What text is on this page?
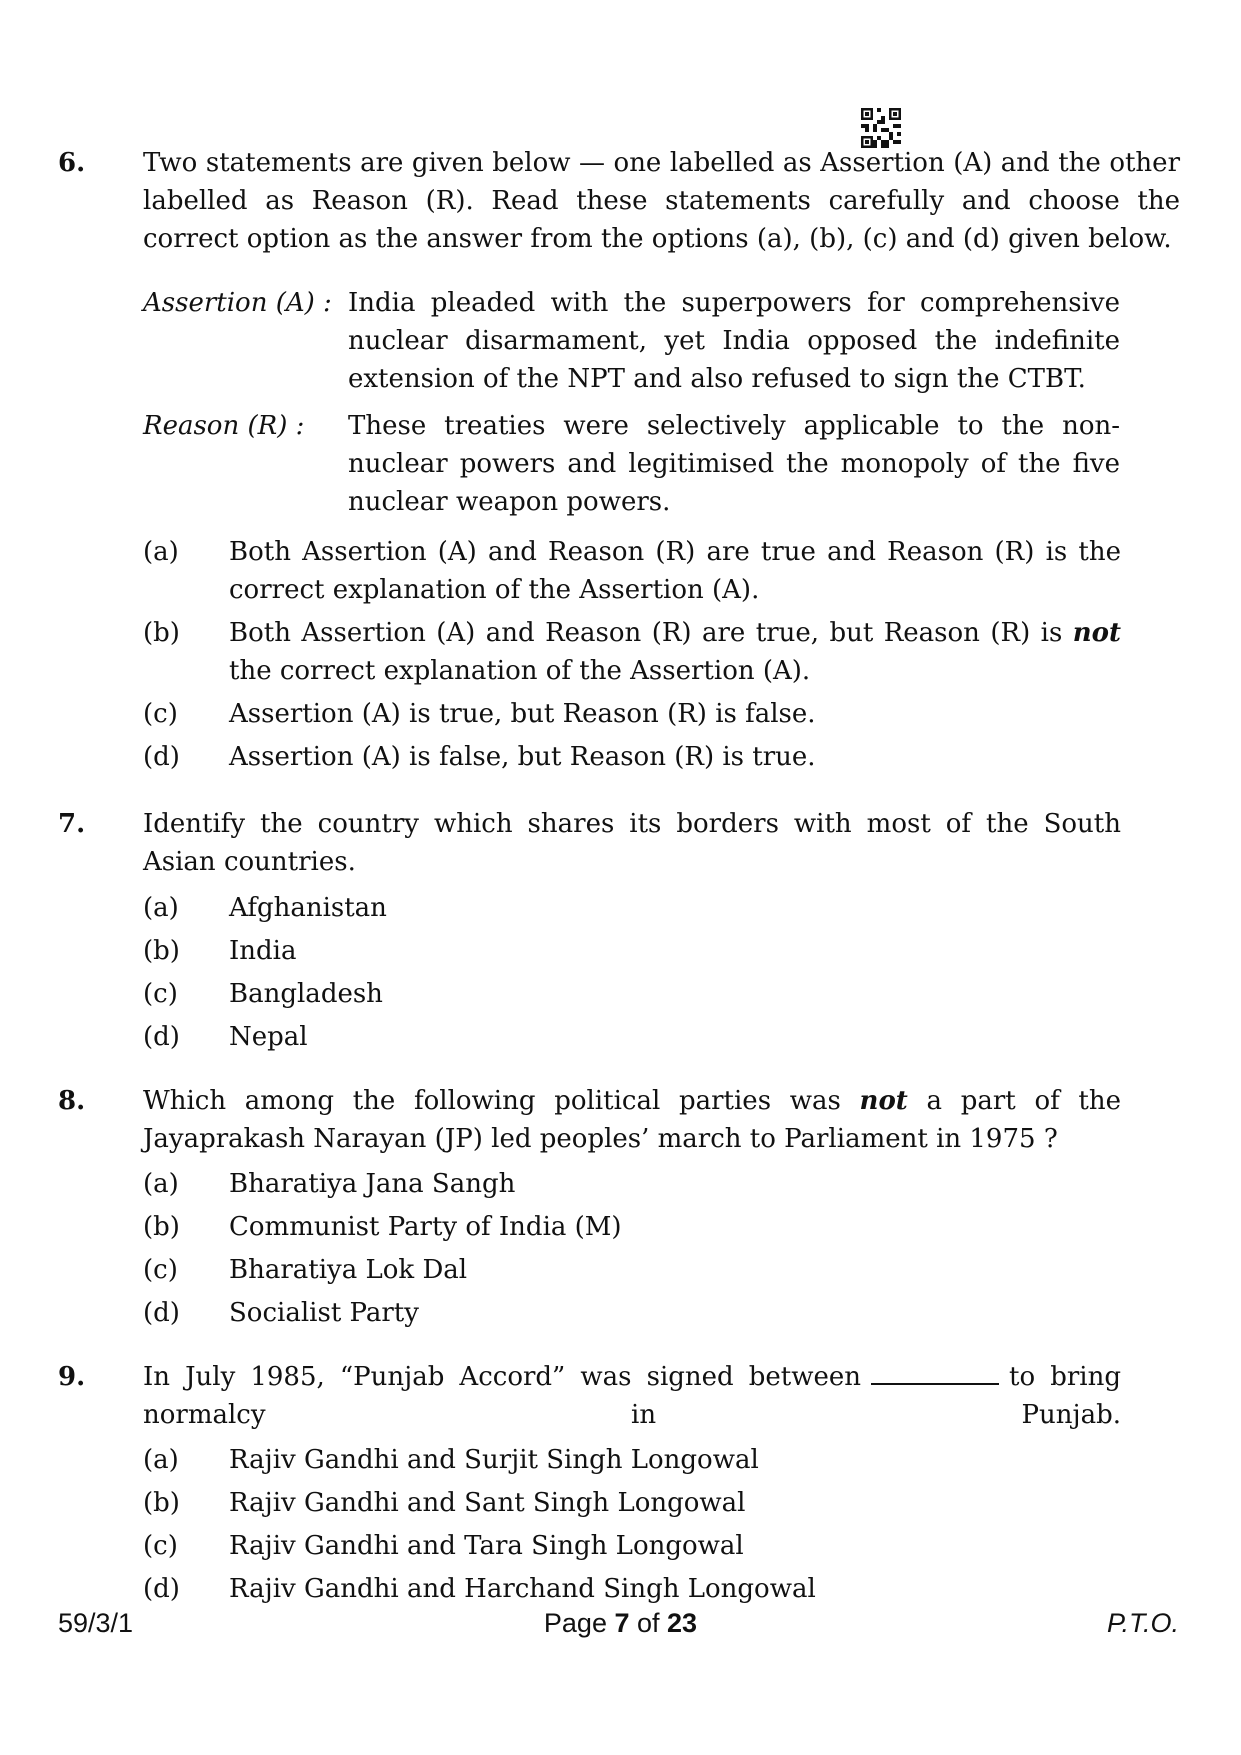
6. Two statements are given below — one labelled as Assertion (A) and the other labelled as Reason (R). Read these statements carefully and choose the correct option as the answer from the options (a), (b), (c) and (d) given below.
Assertion (A) : India pleaded with the superpowers for comprehensive nuclear disarmament, yet India opposed the indefinite extension of the NPT and also refused to sign the CTBT.
Reason (R) : These treaties were selectively applicable to the non-nuclear powers and legitimised the monopoly of the five nuclear weapon powers.
(a) Both Assertion (A) and Reason (R) are true and Reason (R) is the correct explanation of the Assertion (A).
(b) Both Assertion (A) and Reason (R) are true, but Reason (R) is not the correct explanation of the Assertion (A).
(c) Assertion (A) is true, but Reason (R) is false.
(d) Assertion (A) is false, but Reason (R) is true.
7. Identify the country which shares its borders with most of the South Asian countries.
(a) Afghanistan
(b) India
(c) Bangladesh
(d) Nepal
8. Which among the following political parties was not a part of the Jayaprakash Narayan (JP) led peoples’ march to Parliament in 1975 ?
(a) Bharatiya Jana Sangh
(b) Communist Party of India (M)
(c) Bharatiya Lok Dal
(d) Socialist Party
9. In July 1985, “Punjab Accord” was signed between	to bring normalcy in Punjab.
(a) Rajiv Gandhi and Surjit Singh Longowal
(b) Rajiv Gandhi and Sant Singh Longowal
(c) Rajiv Gandhi and Tara Singh Longowal
(d) Rajiv Gandhi and Harchand Singh Longowal
59/3/1	Page 7 of 23	P.T.O.
